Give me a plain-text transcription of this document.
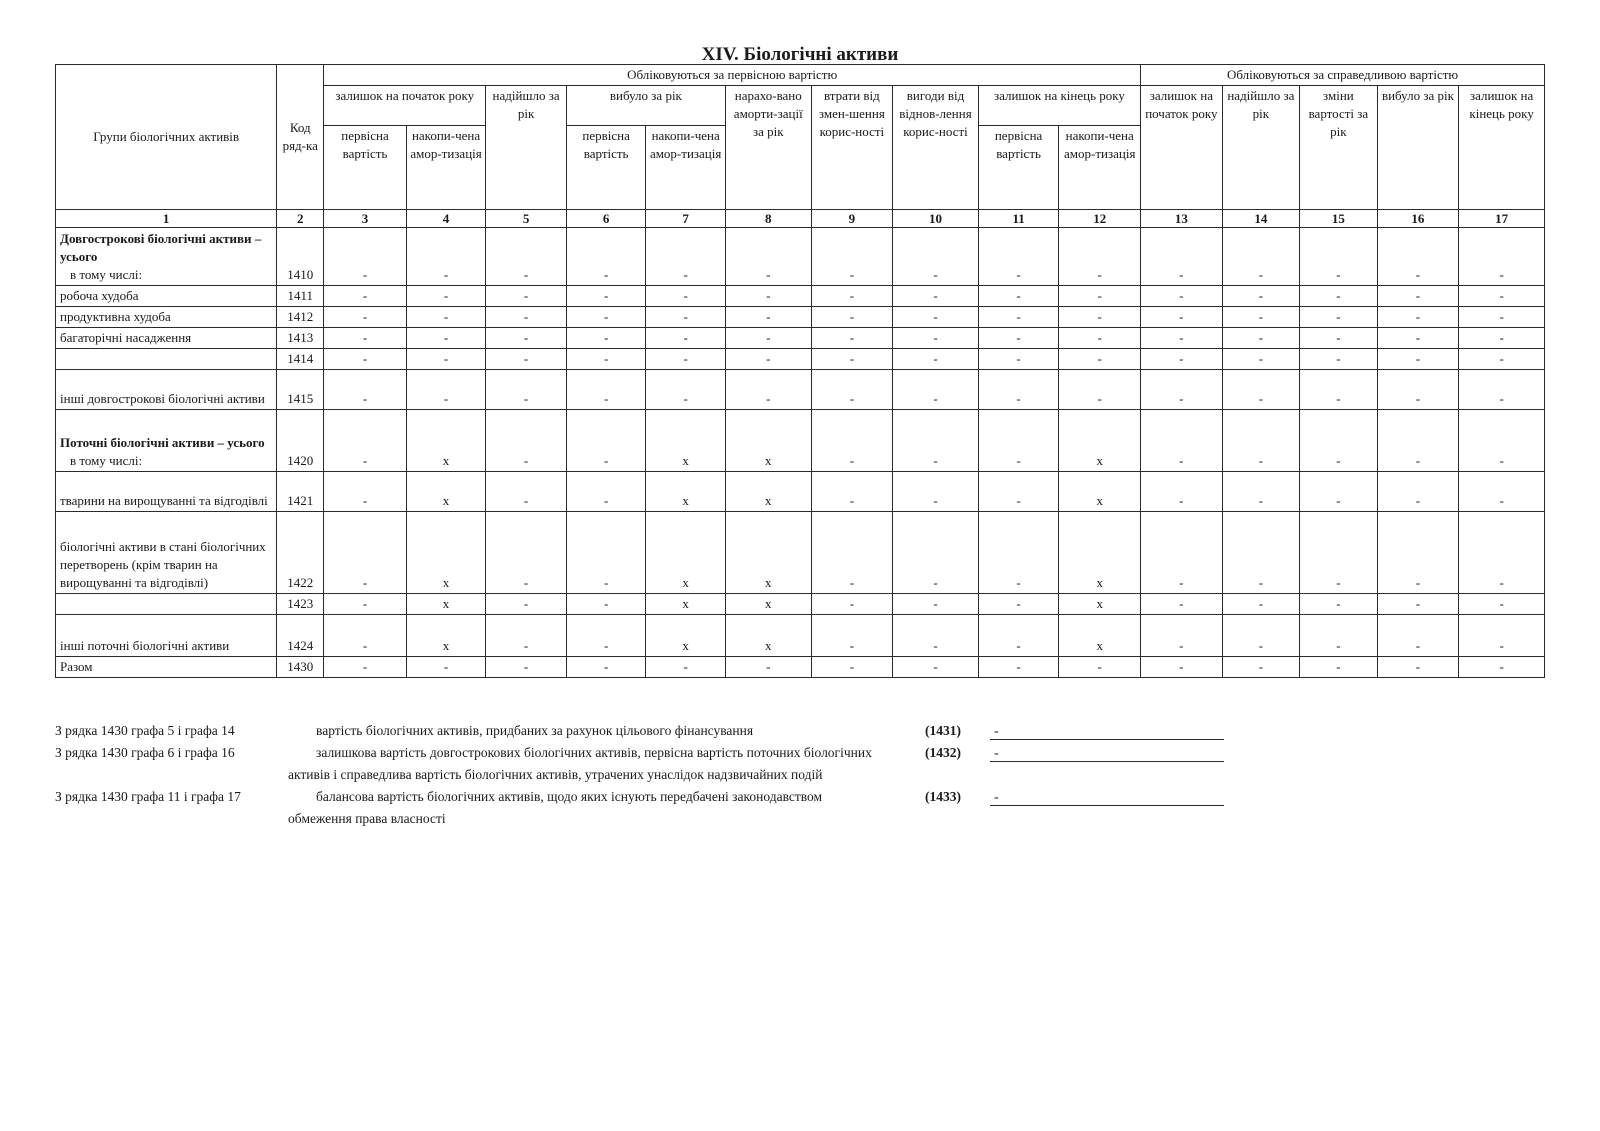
XIV. Біологічні активи
Групи біологічних активів	Код ряд-ка	Обліковуються за первісною вартістю										Обліковуються за справедливою вартістю				
		залишок на початок року		надійшло за рік	вибуло за рік		нарахо-вано аморти-зації за рік	втрати від змен-шення корис-ності	вигоди від віднов-лення корис-ності	залишок на кінець року		залишок на початок року	надійшло за рік	зміни вартості за рік	вибуло за рік	залишок на кінець року
		первісна вартість	накопи-чена амор-тизація		первісна вартість	накопи-чена амор-тизація				первісна вартість	накопи-чена амор-тизація					
1	2	3	4	5	6	7	8	9	10	11	12	13	14	15	16	17

Довгострокові біологічні активи – усього
в тому числі:	1410	-	-	-	-	-	-	-	-	-	-	-	-	-	-	-
робоча худоба	1411	-	-	-	-	-	-	-	-	-	-	-	-	-	-	-
продуктивна худоба	1412	-	-	-	-	-	-	-	-	-	-	-	-	-	-	-
багаторічні насадження	1413	-	-	-	-	-	-	-	-	-	-	-	-	-	-	-
	1414	-	-	-	-	-	-	-	-	-	-	-	-	-	-	-
інші довгострокові біологічні активи	1415	-	-	-	-	-	-	-	-	-	-	-	-	-	-	-

Поточні біологічні активи – усього
в тому числі:	1420	-	х	-	-	х	х	-	-	-	х	-	-	-	-	-
тварини на вирощуванні та відгодівлі	1421	-	х	-	-	х	х	-	-	-	х	-	-	-	-	-
біологічні активи в стані біологічних перетворень (крім тварин на вирощуванні та відгодівлі)	1422	-	х	-	-	х	х	-	-	-	х	-	-	-	-	-
	1423	-	х	-	-	х	х	-	-	-	х	-	-	-	-	-
інші поточні біологічні активи	1424	-	х	-	-	х	х	-	-	-	х	-	-	-	-	-
Разом	1430	-	-	-	-	-	-	-	-	-	-	-	-	-	-	-
З рядка 1430 графа 5 і графа 14	вартість біологічних активів, придбаних за рахунок цільового фінансування	(1431) -
З рядка 1430 графа 6 і графа 16	залишкова вартість довгострокових біологічних активів, первісна вартість поточних біологічних активів і справедлива вартість біологічних активів, утрачених унаслідок надзвичайних подій
(1432) -
З рядка 1430 графа 11 і графа 17	балансова вартість біологічних активів, щодо яких існують передбачені законодавством обмеження права власності
(1433) -
